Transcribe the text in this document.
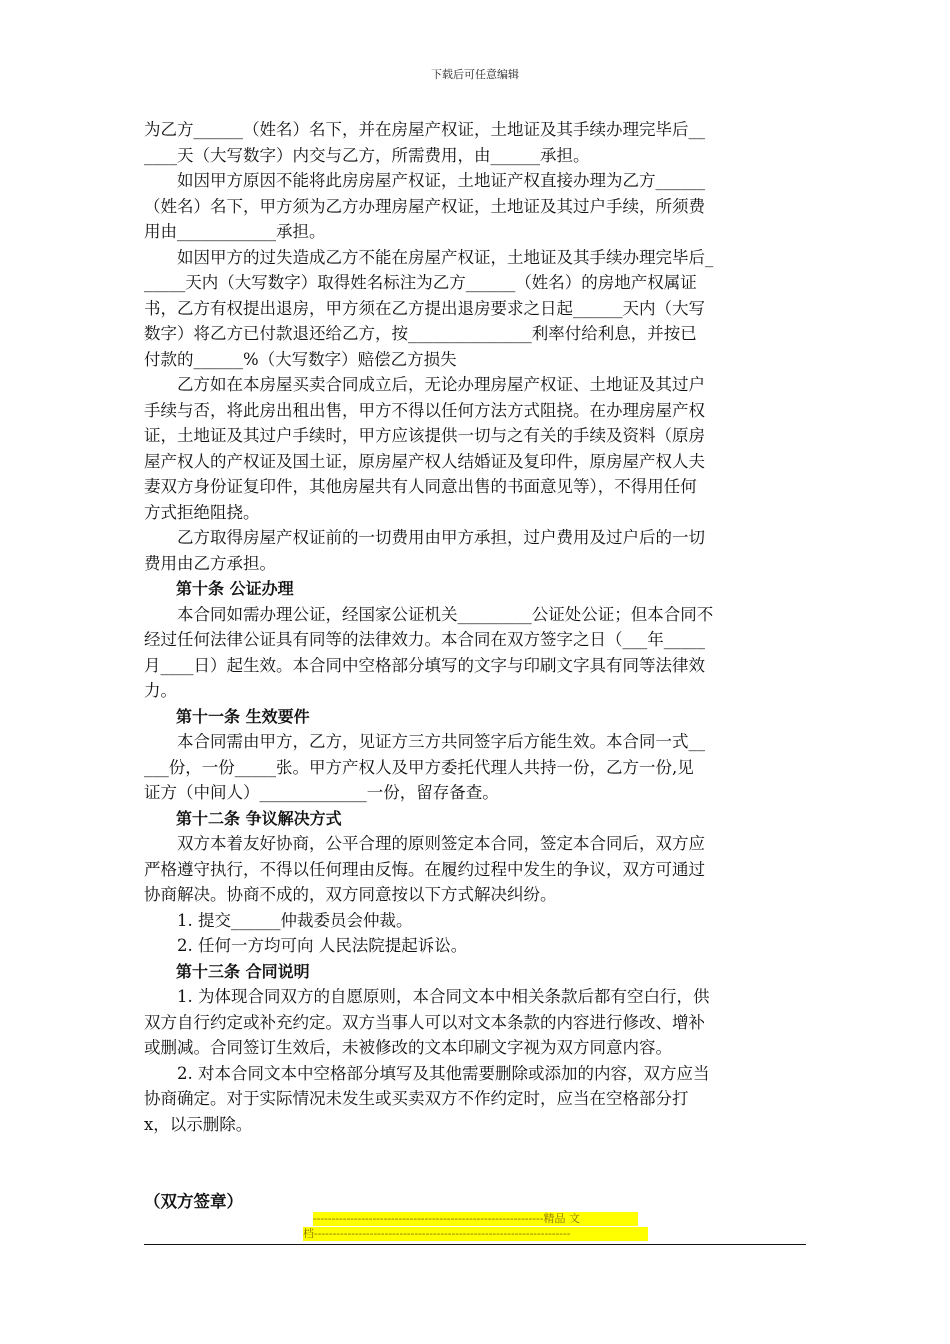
下载后可任意编辑

为乙方______（姓名）名下，并在房屋产权证，土地证及其手续办理完毕后__

____天（大写数字）内交与乙方，所需费用，由______承担。

　　如因甲方原因不能将此房房屋产权证，土地证产权直接办理为乙方______

（姓名）名下，甲方须为乙方办理房屋产权证，土地证及其过户手续，所须费

用由____________承担。

　　如因甲方的过失造成乙方不能在房屋产权证，土地证及其手续办理完毕后_

_____天内（大写数字）取得姓名标注为乙方______（姓名）的房地产权属证

书，乙方有权提出退房，甲方须在乙方提出退房要求之日起______天内（大写

数字）将乙方已付款退还给乙方，按_______________利率付给利息，并按已

付款的______%（大写数字）赔偿乙方损失

　　乙方如在本房屋买卖合同成立后，无论办理房屋产权证、土地证及其过户

手续与否，将此房出租出售，甲方不得以任何方法方式阻挠。在办理房屋产权

证，土地证及其过户手续时，甲方应该提供一切与之有关的手续及资料（原房

屋产权人的产权证及国土证，原房屋产权人结婚证及复印件，原房屋产权人夫

妻双方身份证复印件，其他房屋共有人同意出售的书面意见等），不得用任何

方式拒绝阻挠。

　　乙方取得房屋产权证前的一切费用由甲方承担，过户费用及过户后的一切

费用由乙方承担。

　　第十条 公证办理

　　本合同如需办理公证，经国家公证机关_________公证处公证；但本合同不

经过任何法律公证具有同等的法律效力。本合同在双方签字之日（___年_____

月____日）起生效。本合同中空格部分填写的文字与印刷文字具有同等法律效

力。

　　第十一条 生效要件

　　本合同需由甲方，乙方，见证方三方共同签字后方能生效。本合同一式__

___份，一份_____张。甲方产权人及甲方委托代理人共持一份，乙方一份,见

证方（中间人）_____________一份，留存备查。

　　第十二条 争议解决方式

　　双方本着友好协商，公平合理的原则签定本合同，签定本合同后，双方应

严格遵守执行，不得以任何理由反悔。在履约过程中发生的争议，双方可通过

协商解决。协商不成的，双方同意按以下方式解决纠纷。

　　1. 提交______仲裁委员会仲裁。

　　2. 任何一方均可向 人民法院提起诉讼。

　　第十三条 合同说明

　　1. 为体现合同双方的自愿原则，本合同文本中相关条款后都有空白行，供

双方自行约定或补充约定。双方当事人可以对文本条款的内容进行修改、增补

或删减。合同签订生效后，未被修改的文本印刷文字视为双方同意内容。

　　2. 对本合同文本中空格部分填写及其他需要删除或添加的内容，双方应当

协商确定。对于实际情况未发生或买卖双方不作约定时，应当在空格部分打

x，以示删除。

（双方签章）
--------------------------------------------------------------精品 文
档---------------------------------------------------------------------
